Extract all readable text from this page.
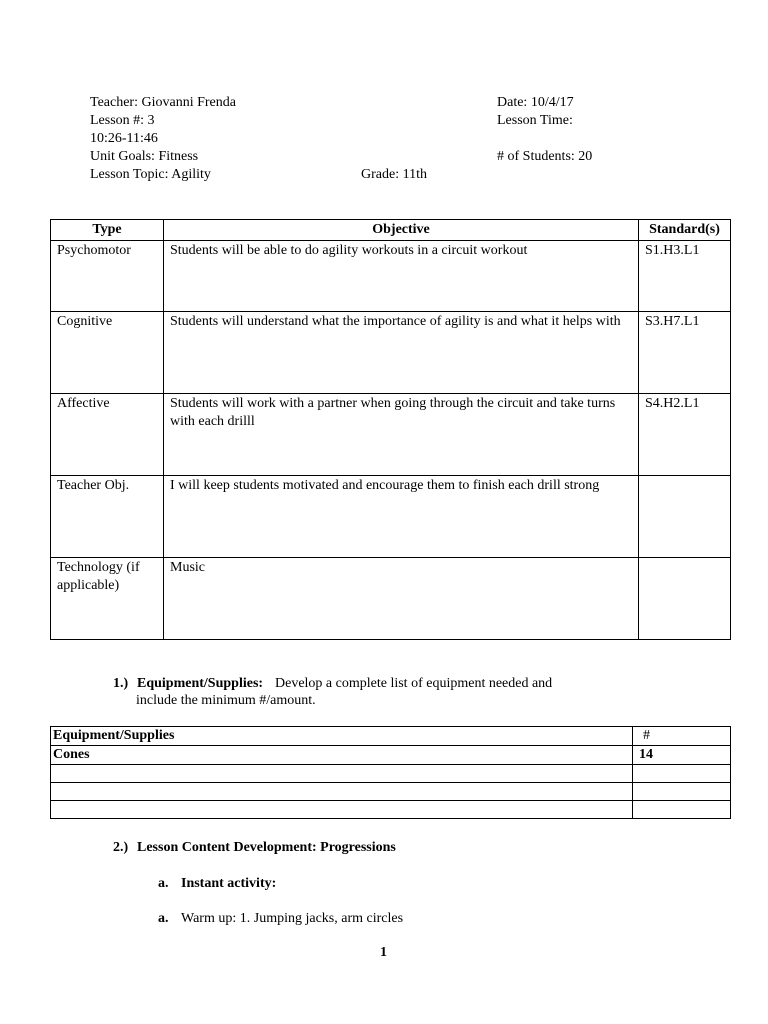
Teacher: Giovanni Frenda	Date: 10/4/17
Lesson #: 3	Lesson Time:
10:26-11:46
Unit Goals: Fitness	# of Students: 20
Lesson Topic: Agility	Grade: 11th
Type	Objective	Standard(s)
Psychomotor	Students will be able to do agility workouts in a circuit workout	S1.H3.L1
Cognitive	Students will understand what the importance of agility is and what it helps with	S3.H7.L1
Affective	Students will work with a partner when going through the circuit and take turns with each drilll	S4.H2.L1
Teacher Obj.	I will keep students motivated and encourage them to finish each drill strong	
Technology (if applicable)	Music	
1.) Equipment/Supplies: Develop a complete list of equipment needed and
include the minimum #/amount.
Equipment/Supplies	#
Cones	14

2.) Lesson Content Development: Progressions
a. Instant activity:
a. Warm up: 1. Jumping jacks, arm circles
1
